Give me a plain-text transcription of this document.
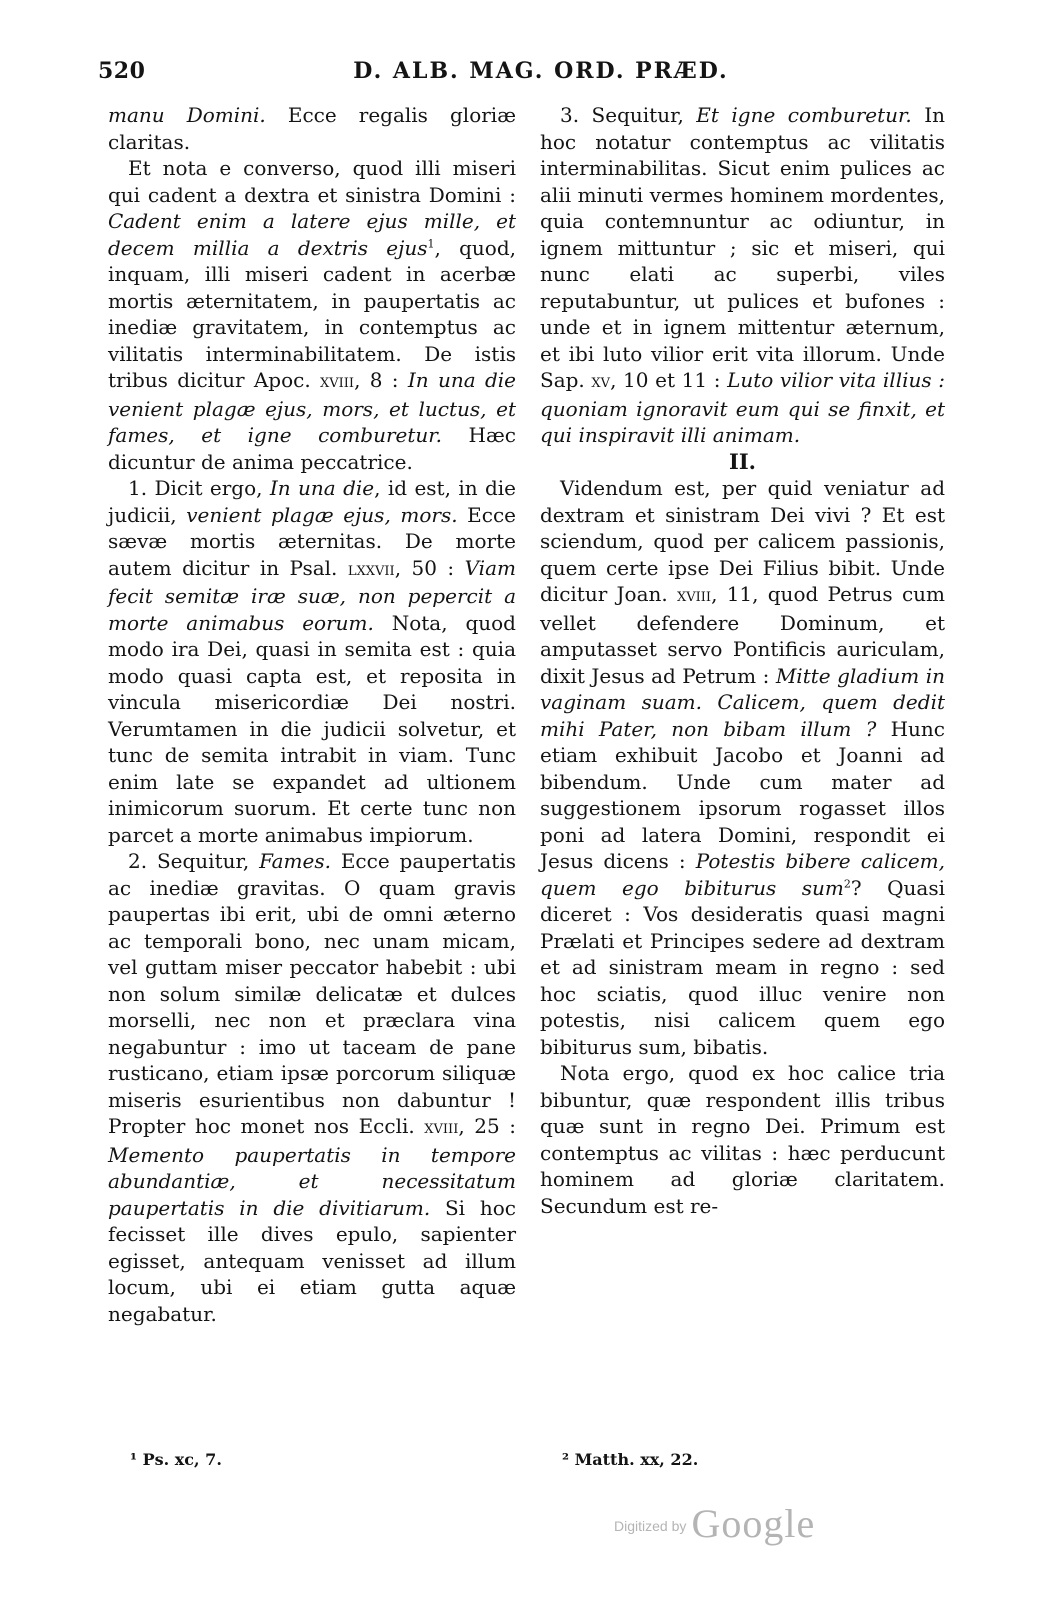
520	D. ALB. MAG. ORD. PRÆD.

manu Domini. Ecce regalis gloriæ claritas.

Et nota e converso, quod illi miseri qui cadent a dextra et sinistra Domini : Cadent enim a latere ejus mille, et decem millia a dextris ejus$^1$, quod, inquam, illi miseri cadent in acerbæ mortis æternitatem, in paupertatis ac inediæ gravitatem, in contemptus ac vilitatis interminabilitatem. De istis tribus dicitur Apoc. xviii, 8 : In una die venient plagæ ejus, mors, et luctus, et fames, et igne comburetur. Hæc dicuntur de anima peccatrice.

1. Dicit ergo, In una die, id est, in die judicii, venient plagæ ejus, mors. Ecce sævæ mortis æternitas. De morte autem dicitur in Psal. lxxvii, 50 : Viam fecit semitæ iræ suæ, non pepercit a morte animabus eorum. Nota, quod modo ira Dei, quasi in semita est : quia modo quasi capta est, et reposita in vincula misericordiæ Dei nostri. Verumtamen in die judicii solvetur, et tunc de semita intrabit in viam. Tunc enim late se expandet ad ultionem inimicorum suorum. Et certe tunc non parcet a morte animabus impiorum.

2. Sequitur, Fames. Ecce paupertatis ac inediæ gravitas. O quam gravis paupertas ibi erit, ubi de omni æterno ac temporali bono, nec unam micam, vel guttam miser peccator habebit : ubi non solum similæ delicatæ et dulces morselli, nec non et præclara vina negabuntur : imo ut taceam de pane rusticano, etiam ipsæ porcorum siliquæ miseris esurientibus non dabuntur ! Propter hoc monet nos Eccli. xviii, 25 : Memento paupertatis in tempore abundantiæ, et necessitatum paupertatis in die divitiarum. Si hoc fecisset ille dives epulo, sapienter egisset, antequam venisset ad illum locum, ubi ei etiam gutta aquæ negabatur.

3. Sequitur, Et igne comburetur. In hoc notatur contemptus ac vilitatis interminabilitas. Sicut enim pulices ac alii minuti vermes hominem mordentes, quia contemnuntur ac odiuntur, in ignem mittuntur ; sic et miseri, qui nunc elati ac superbi, viles reputabuntur, ut pulices et bufones : unde et in ignem mittentur æternum, et ibi luto vilior erit vita illorum. Unde Sap. xv, 10 et 11 : Luto vilior vita illius : quoniam ignoravit eum qui se finxit, et qui inspiravit illi animam.

II.

Videndum est, per quid veniatur ad dextram et sinistram Dei vivi ? Et est sciendum, quod per calicem passionis, quem certe ipse Dei Filius bibit. Unde dicitur Joan. xviii, 11, quod Petrus cum vellet defendere Dominum, et amputasset servo Pontificis auriculam, dixit Jesus ad Petrum : Mitte gladium in vaginam suam. Calicem, quem dedit mihi Pater, non bibam illum ? Hunc etiam exhibuit Jacobo et Joanni ad bibendum. Unde cum mater ad suggestionem ipsorum rogasset illos poni ad latera Domini, respondit ei Jesus dicens : Potestis bibere calicem, quem ego bibiturus sum$^2$? Quasi diceret : Vos desideratis quasi magni Prælati et Principes sedere ad dextram et ad sinistram meam in regno : sed hoc sciatis, quod illuc venire non potestis, nisi calicem quem ego bibiturus sum, bibatis.

Nota ergo, quod ex hoc calice tria bibuntur, quæ respondent illis tribus quæ sunt in regno Dei. Primum est contemptus ac vilitas : hæc perducunt hominem ad gloriæ claritatem. Secundum est re-

¹ Ps. xc, 7.	² Matth. xx, 22.
Digitized by Google
